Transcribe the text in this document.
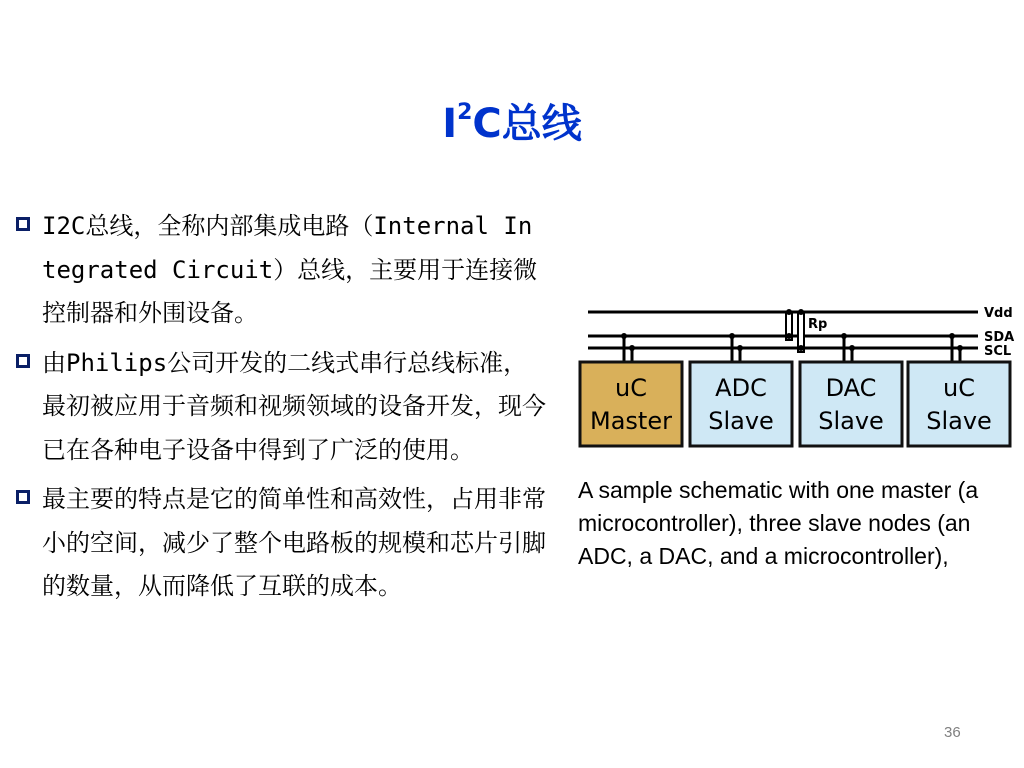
$I^2C$总线
I2C总线，全称内部集成电路（Internal Integrated Circuit）总线，主要用于连接微控制器和外围设备。
由Philips公司开发的二线式串行总线标准，最初被应用于音频和视频领域的设备开发，现今已在各种电子设备中得到了广泛的使用。
最主要的特点是它的简单性和高效性，占用非常小的空间，减少了整个电路板的规模和芯片引脚的数量，从而降低了互联的成本。
Rp
Vdd
SDA
SCL
uC
Master
ADC
Slave
DAC
Slave
uC
Slave
A sample schematic with one master (a microcontroller), three slave nodes (an ADC, a DAC, and a microcontroller),
36
